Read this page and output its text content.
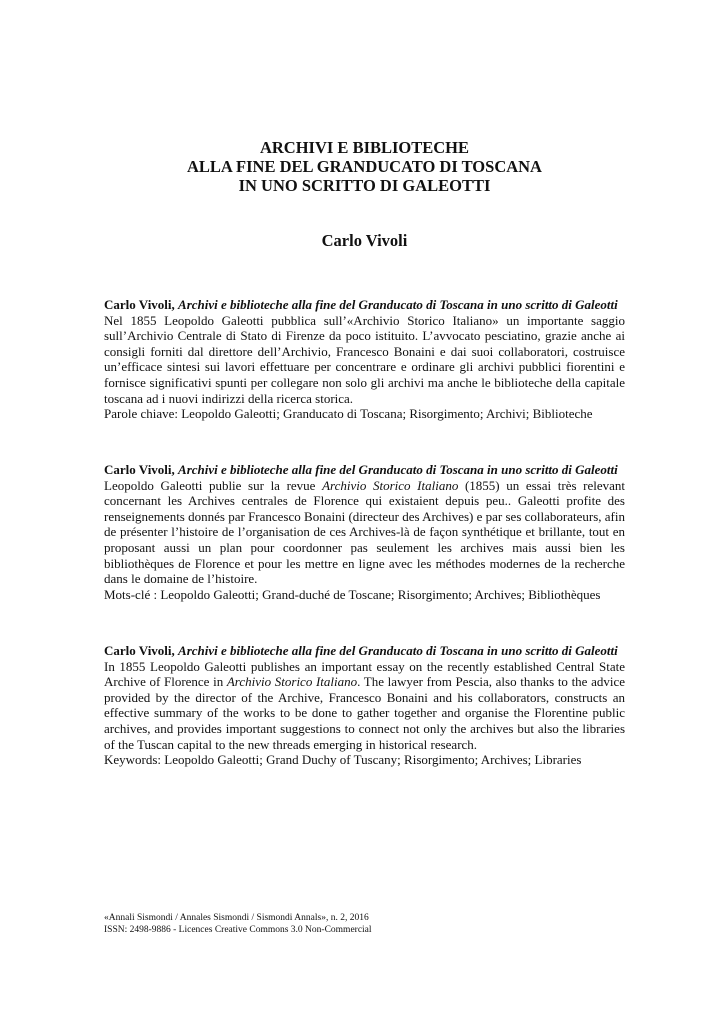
ARCHIVI E BIBLIOTECHE
ALLA FINE DEL GRANDUCATO DI TOSCANA
IN UNO SCRITTO DI GALEOTTI
Carlo Vivoli

Carlo Vivoli, Archivi e biblioteche alla fine del Granducato di Toscana in uno scritto di Galeotti

Nel 1855 Leopoldo Galeotti pubblica sull’«Archivio Storico Italiano» un importante saggio sull’Archivio Centrale di Stato di Firenze da poco istituito. L’avvocato pesciatino, grazie anche ai consigli forniti dal direttore dell’Archivio, Francesco Bonaini e dai suoi collaboratori, costruisce un’efficace sintesi sui lavori effettuare per concentrare e ordinare gli archivi pubblici fiorentini e fornisce significativi spunti per collegare non solo gli archivi ma anche le biblioteche della capitale toscana ad i nuovi indirizzi della ricerca storica.

Parole chiave: Leopoldo Galeotti; Granducato di Toscana; Risorgimento; Archivi; Biblioteche

Carlo Vivoli, Archivi e biblioteche alla fine del Granducato di Toscana in uno scritto di Galeotti

Leopoldo Galeotti publie sur la revue Archivio Storico Italiano (1855) un essai très relevant concernant les Archives centrales de Florence qui existaient depuis peu.. Galeotti profite des renseignements donnés par Francesco Bonaini (directeur des Archives) e par ses collaborateurs, afin de présenter l’histoire de l’organisation de ces Archives-là de façon synthétique et brillante, tout en proposant aussi un plan pour coordonner pas seulement les archives mais aussi bien les bibliothèques de Florence et pour les mettre en ligne avec les méthodes modernes de la recherche dans le domaine de l’histoire.

Mots-clé : Leopoldo Galeotti; Grand-duché de Toscane; Risorgimento; Archives; Bibliothèques

Carlo Vivoli, Archivi e biblioteche alla fine del Granducato di Toscana in uno scritto di Galeotti

In 1855 Leopoldo Galeotti publishes an important essay on the recently established Central State Archive of Florence in Archivio Storico Italiano. The lawyer from Pescia, also thanks to the advice provided by the director of the Archive, Francesco Bonaini and his collaborators, constructs an effective summary of the works to be done to gather together and organise the Florentine public archives, and provides important suggestions to connect not only the archives but also the libraries of the Tuscan capital to the new threads emerging in historical research.

Keywords: Leopoldo Galeotti; Grand Duchy of Tuscany; Risorgimento; Archives; Libraries

«Annali Sismondi / Annales Sismondi / Sismondi Annals», n. 2, 2016
ISSN: 2498-9886 - Licences Creative Commons 3.0 Non-Commercial
